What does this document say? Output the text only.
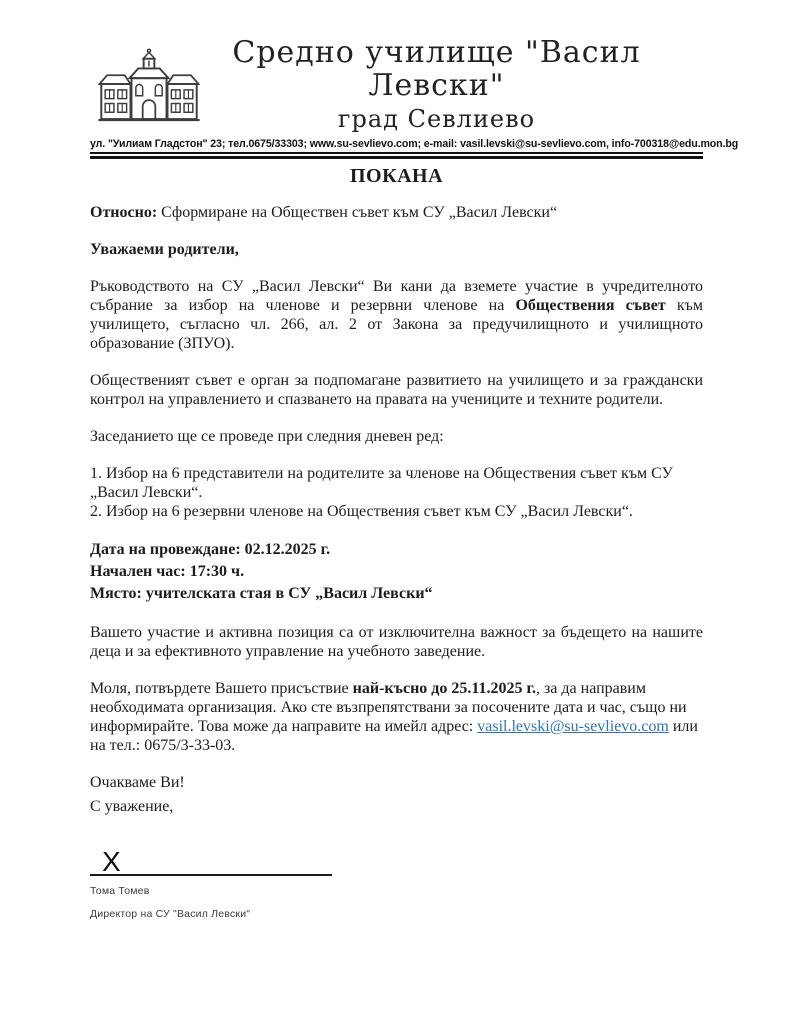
Средно училище "Васил Левски"
град Севлиево
ул. "Уилиам Гладстон" 23; тел.0675/33303; www.su-sevlievo.com; e-mail: vasil.levski@su-sevlievo.com, info-700318@edu.mon.bg
ПОКАНА

Относно: Сформиране на Обществен съвет към СУ „Васил Левски“

Уважаеми родители,

Ръководството на СУ „Васил Левски“ Ви кани да вземете участие в учредителното събрание за избор на членове и резервни членове на Обществения съвет към училището, съгласно чл. 266, ал. 2 от Закона за предучилищното и училищното образование (ЗПУО).

Общественият съвет е орган за подпомагане развитието на училището и за граждански контрол на управлението и спазването на правата на учениците и техните родители.

Заседанието ще се проведе при следния дневен ред:

1. Избор на 6 представители на родителите за членове на Обществения съвет към СУ „Васил Левски“.
2. Избор на 6 резервни членове на Обществения съвет към СУ „Васил Левски“.
Дата на провеждане: 02.12.2025 г.
Начален час: 17:30 ч.
Място: учителската стая в СУ „Васил Левски“

Вашето участие и активна позиция са от изключителна важност за бъдещето на нашите деца и за ефективното управление на учебното заведение.

Моля, потвърдете Вашето присъствие най-късно до 25.11.2025 г., за да направим необходимата организация. Ако сте възпрепятствани за посочените дата и час, също ни информирайте. Това може да направите на имейл адрес: vasil.levski@su-sevlievo.com или на тел.: 0675/3-33-03.

Очакваме Ви!

С уважение,

X
Тома Томев
Директор на СУ "Васил Левски"
